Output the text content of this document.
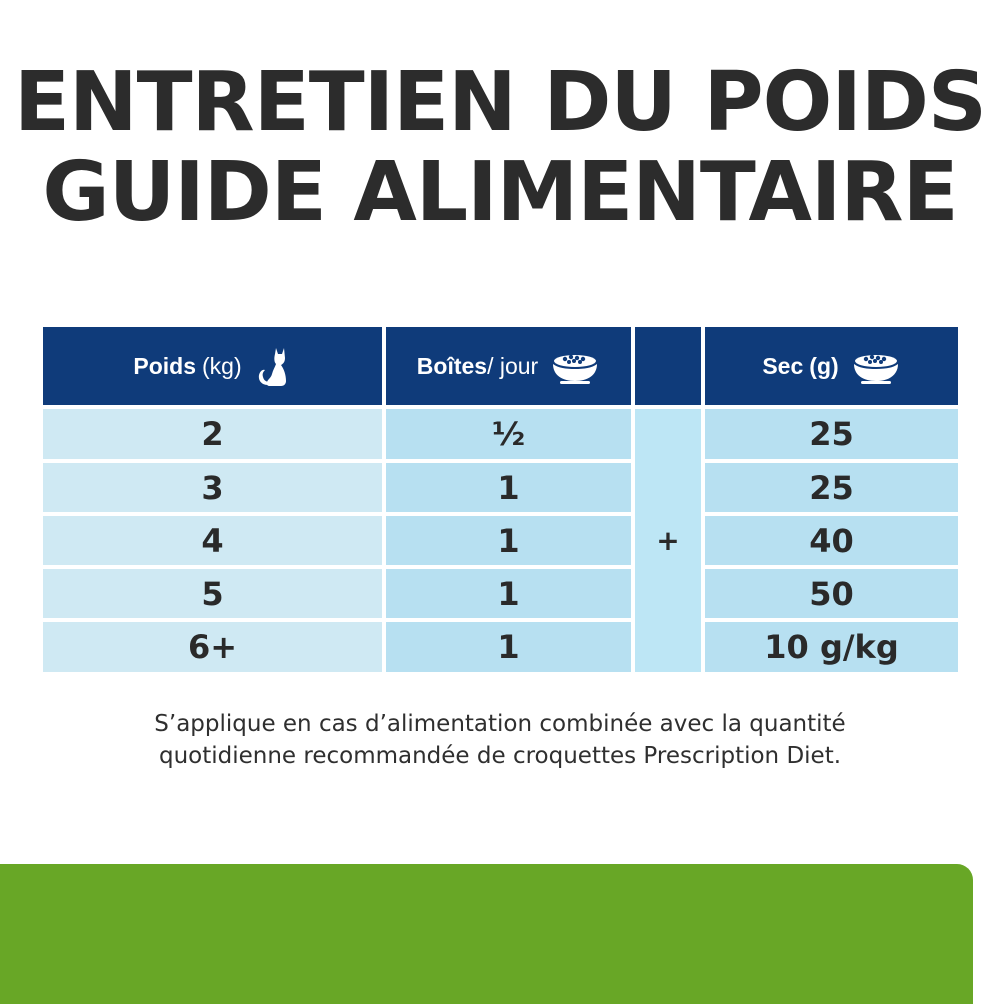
ENTRETIEN DU POIDS
GUIDE ALIMENTAIRE
Poids (kg)	Boîtes / jour	Sec (g)
2	½	25
3	1	25
4	1	40
5	1	50
6+	1	10 g/kg
+
S’applique en cas d’alimentation combinée avec la quantité
quotidienne recommandée de croquettes Prescription Diet.
